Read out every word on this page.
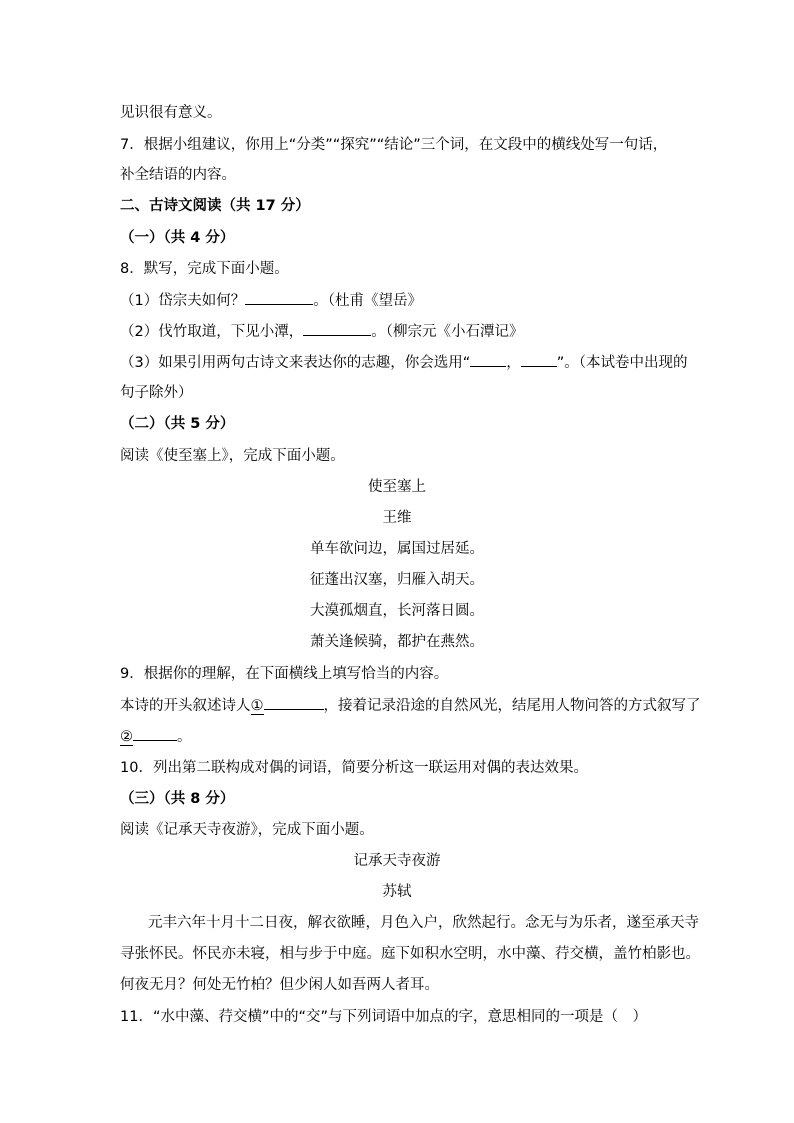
见识很有意义。
7．根据小组建议，你用上“分类”“探究”“结论”三个词，在文段中的横线处写一句话，
补全结语的内容。
二、古诗文阅读（共 17 分）
（一）（共 4 分）
8．默写，完成下面小题。
（1）岱宗夫如何？	。（杜甫《望岳》
（2）伐竹取道，下见小潭，	。（柳宗元《小石潭记》
（3）如果引用两句古诗文来表达你的志趣，你会选用“ ， ”。（本试卷中出现的
句子除外）
（二）（共 5 分）
阅读《使至塞上》，完成下面小题。
使至塞上
王维
单车欲问边，属国过居延。
征蓬出汉塞，归雁入胡天。
大漠孤烟直，长河落日圆。
萧关逢候骑，都护在燕然。
9．根据你的理解，在下面横线上填写恰当的内容。
本诗的开头叙述诗人①	，接着记录沿途的自然风光，结尾用人物问答的方式叙写了
②	。
10．列出第二联构成对偶的词语，简要分析这一联运用对偶的表达效果。
（三）（共 8 分）
阅读《记承天寺夜游》，完成下面小题。
记承天寺夜游
苏轼
元丰六年十月十二日夜，解衣欲睡，月色入户，欣然起行。念无与为乐者，遂至承天寺
寻张怀民。怀民亦未寝，相与步于中庭。庭下如积水空明，水中藻、荇交横，盖竹柏影也。
何夜无月？何处无竹柏？但少闲人如吾两人者耳。
11．“水中藻、荇交横”中的“交”与下列词语中加点的字，意思相同的一项是（　）
